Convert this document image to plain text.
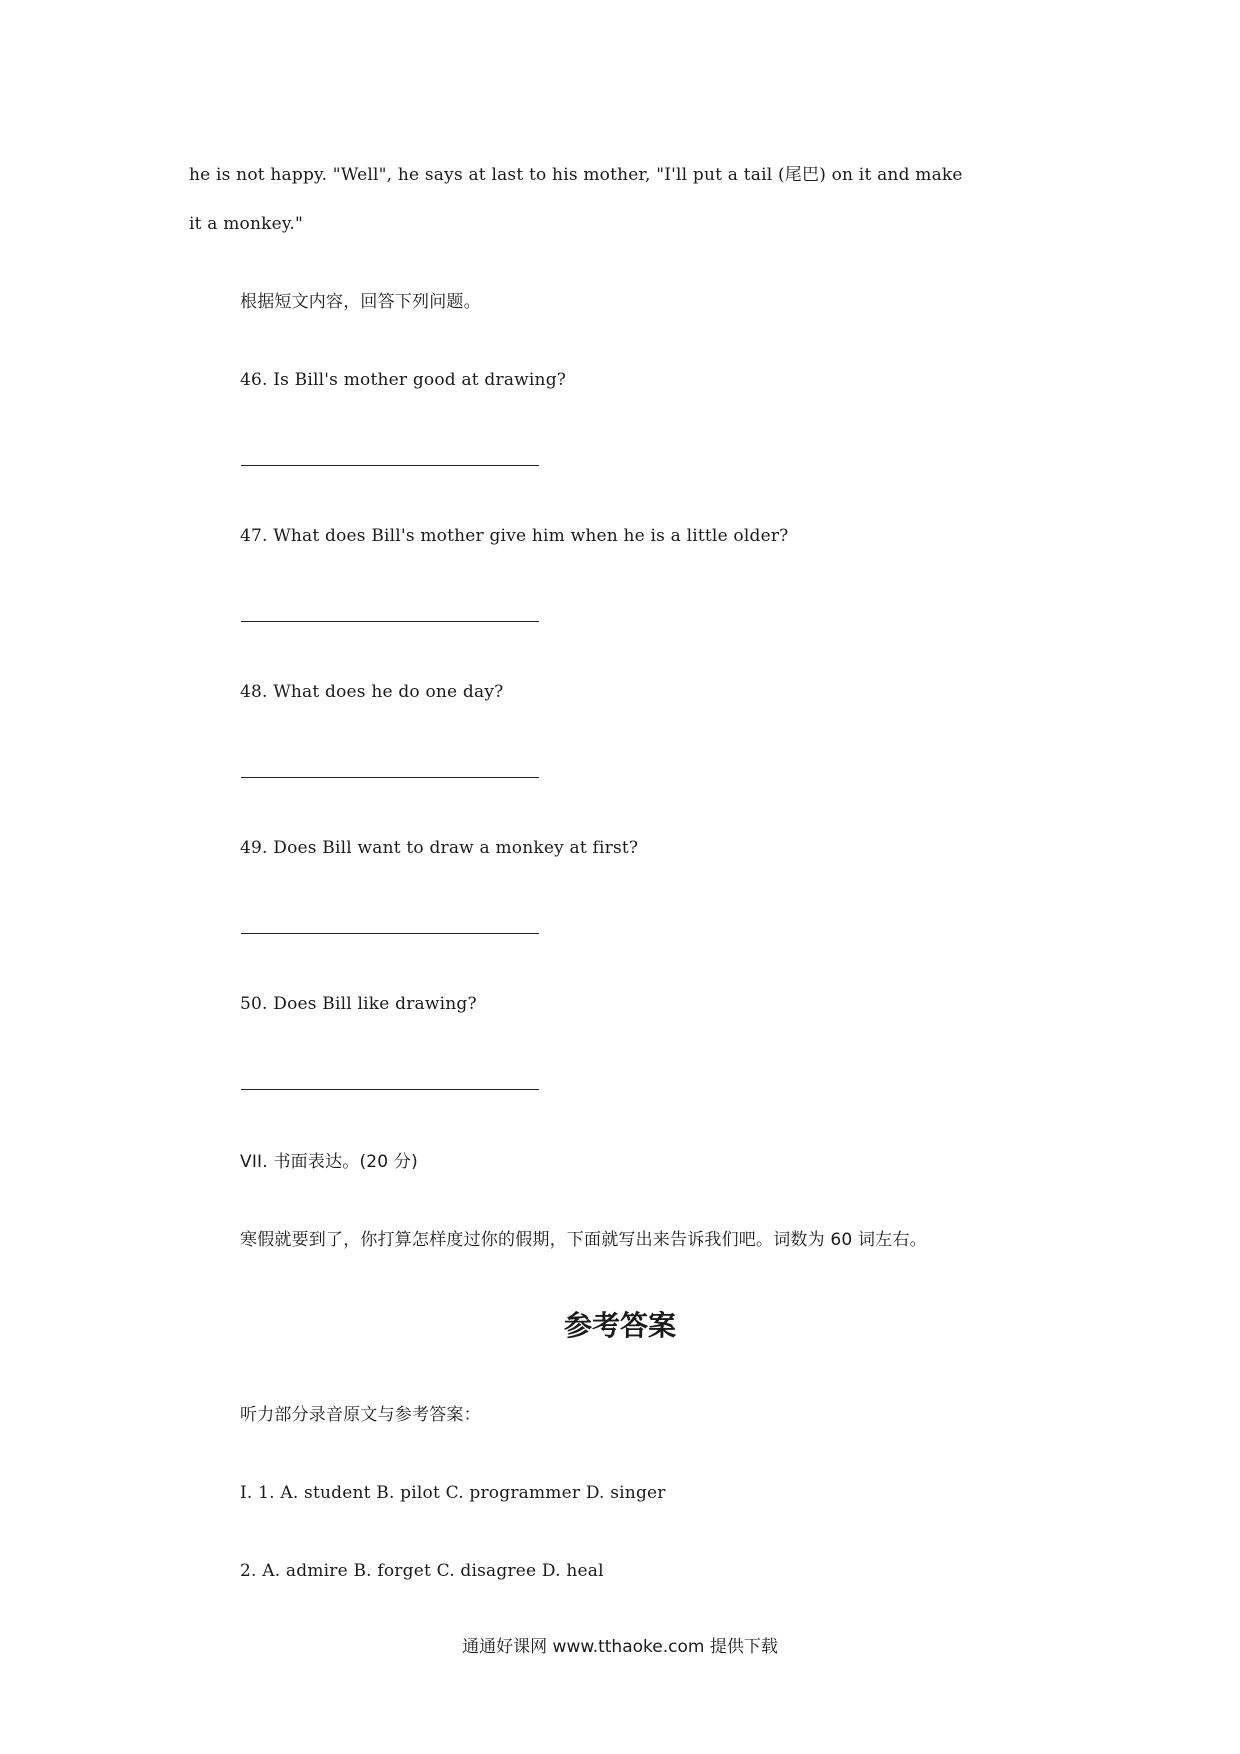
he is not happy. "Well", he says at last to his mother, "I'll put a tail (尾巴) on it and make
it a monkey."
根据短文内容，回答下列问题。
46. Is Bill's mother good at drawing?
47. What does Bill's mother give him when he is a little older?
48. What does he do one day?
49. Does Bill want to draw a monkey at first?
50. Does Bill like drawing?
VII. 书面表达。(20 分)
寒假就要到了，你打算怎样度过你的假期，下面就写出来告诉我们吧。词数为 60 词左右。
参考答案
听力部分录音原文与参考答案：
I. 1. A. student B. pilot C. programmer D. singer
2. A. admire B. forget C. disagree D. heal
通通好课网 www.tthaoke.com 提供下载
